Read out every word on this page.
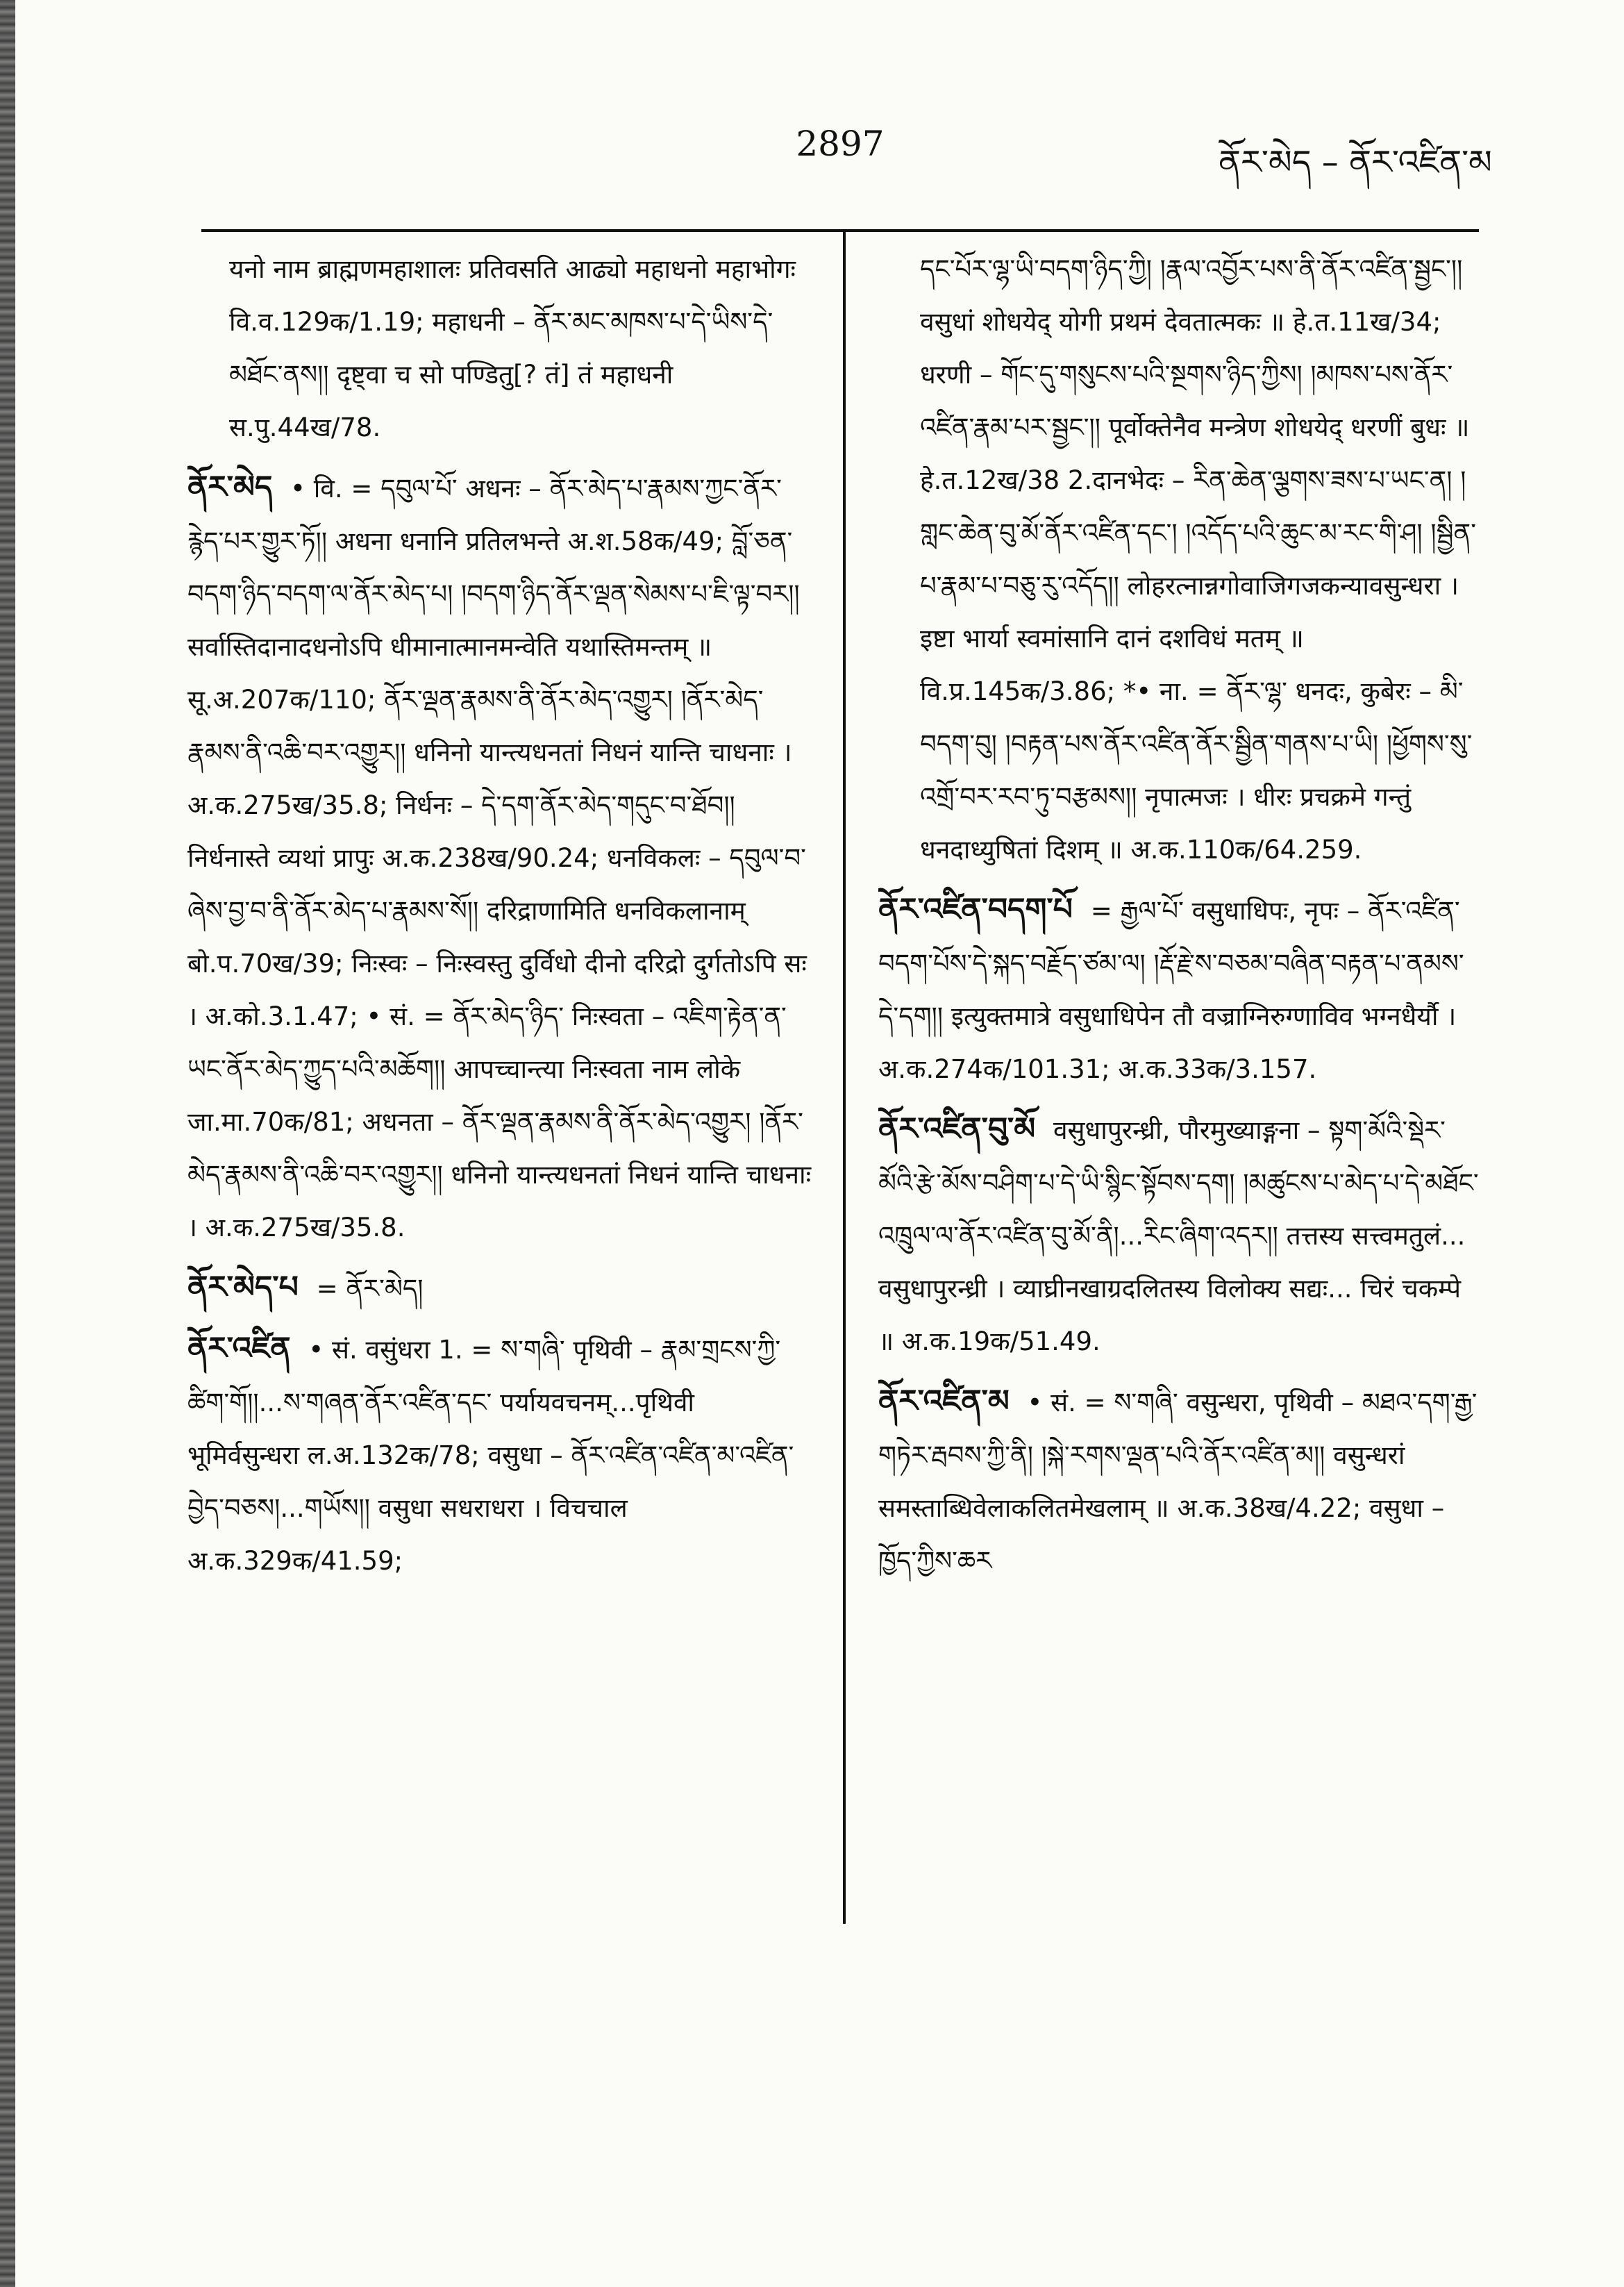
2897	ནོར་མེད – ནོར་འཛིན་མ
यनो नाम ब्राह्मणमहाशालः प्रतिवसति आढ्यो महाधनो महाभोगः वि.व.129क/1.19; महाधनी – ནོར་མང་མཁས་པ་དེ་ཡིས་དེ་མཐོང་ནས།། दृष्ट्वा च सो पण्डितु[? तं] तं महाधनी स.पु.44ख/78.
ནོར་མེད • वि. = དབུལ་པོ་ अधनः – ནོར་མེད་པ་རྣམས་ཀྱང་ནོར་རྙེད་པར་གྱུར་ཏོ།། अधना धनानि प्रतिलभन्ते अ.श.58क/49; བློ་ཅན་བདག་ཉིད་བདག་ལ་ནོར་མེད་པ། །བདག་ཉིད་ནོར་ལྡན་སེམས་པ་ཇི་ལྟ་བར།། सर्वास्तिदानादधनोऽपि धीमानात्मानमन्वेति यथास्तिमन्तम् ॥ सू.अ.207क/110; ནོར་ལྡན་རྣམས་ནི་ནོར་མེད་འགྱུར། །ནོར་མེད་རྣམས་ནི་འཆི་བར་འགྱུར།། धनिनो यान्त्यधनतां निधनं यान्ति चाधनाः । अ.क.275ख/35.8; निर्धनः – དེ་དག་ནོར་མེད་གདུང་བ་ཐོབ།། निर्धनास्ते व्यथां प्रापुः अ.क.238ख/90.24; धनविकलः – དབུལ་བ་ཞེས་བྱ་བ་ནི་ནོར་མེད་པ་རྣམས་སོ།། दरिद्राणामिति धनविकलानाम् बो.प.70ख/39; निःस्वः – निःस्वस्तु दुर्विधो दीनो दरिद्रो दुर्गतोऽपि सः । अ.को.3.1.47; • सं. = ནོར་མེད་ཉིད་ निःस्वता – འཇིག་རྟེན་ན་ཡང་ནོར་མེད་ཀྱུད་པའི་མཆོག།། आपच्चान्त्या निःस्वता नाम लोके जा.मा.70क/81; अधनता – ནོར་ལྡན་རྣམས་ནི་ནོར་མེད་འགྱུར། །ནོར་མེད་རྣམས་ནི་འཆི་བར་འགྱུར།། धनिनो यान्त्यधनतां निधनं यान्ति चाधनाः । अ.क.275ख/35.8.
ནོར་མེད་པ = ནོར་མེད།
ནོར་འཛིན • सं. वसुंधरा 1. = ས་གཞི་ पृथिवी – རྣམ་གྲངས་ཀྱི་ཚིག་གོ།།...ས་གཞན་ནོར་འཛིན་དང་ पर्यायवचनम्...पृथिवी भूमिर्वसुन्धरा ल.अ.132क/78; वसुधा – ནོར་འཛིན་འཛིན་མ་འཛིན་བྱེད་བཅས།...གཡོས།། वसुधा सधराधरा । विचचाल अ.क.329क/41.59;
དང་པོར་ལྷ་ཡི་བདག་ཉིད་ཀྱི། །རྣལ་འབྱོར་པས་ནི་ནོར་འཛིན་སྦྱང་།། वसुधां शोधयेद् योगी प्रथमं देवतात्मकः ॥ हे.त.11ख/34; धरणी – གོང་དུ་གསུངས་པའི་སྔགས་ཉིད་ཀྱིས། །མཁས་པས་ནོར་འཛིན་རྣམ་པར་སྦྱང་།། पूर्वोक्तेनैव मन्त्रेण शोधयेद् धरणीं बुधः ॥ हे.त.12ख/38 2.दानभेदः – རིན་ཆེན་ལྕགས་ཟས་པ་ཡང་ན། །གླང་ཆེན་བུ་མོ་ནོར་འཛིན་དང་། །འདོད་པའི་ཆུང་མ་རང་གི་ཤ། །སྦྱིན་པ་རྣམ་པ་བཅུ་རུ་འདོད།། लोहरत्नान्नगोवाजिगजकन्यावसुन्धरा । इष्टा भार्या स्वमांसानि दानं दशविधं मतम् ॥ वि.प्र.145क/3.86; *• ना. = ནོར་ལྷ་ धनदः, कुबेरः – མི་བདག་བུ། །བརྟན་པས་ནོར་འཛིན་ནོར་སྦྱིན་གནས་པ་ཡི། །ཕྱོགས་སུ་འགྲོ་བར་རབ་ཏུ་བརྩམས།། नृपात्मजः । धीरः प्रचक्रमे गन्तुं धनदाध्युषितां दिशम् ॥ अ.क.110क/64.259.
ནོར་འཛིན་བདག་པོ = རྒྱལ་པོ་ वसुधाधिपः, नृपः – ནོར་འཛིན་བདག་པོས་དེ་སྐད་བརྗོད་ཙམ་ལ། །རྡོ་རྗེ་ས་བཅམ་བཞིན་བརྟན་པ་ནམས་དེ་དག།། इत्युक्तमात्रे वसुधाधिपेन तौ वज्राग्निरुग्णाविव भग्नधैर्यौ । अ.क.274क/101.31; अ.क.33क/3.157.
ནོར་འཛིན་བུ་མོ वसुधापुरन्ध्री, पौरमुख्याङ्गना – སྟག་མོའི་སྡེར་མོའི་རྩེ་མོས་བཤིག་པ་དེ་ཡི་སྙིང་སྟོབས་དག། །མཚུངས་པ་མེད་པ་དེ་མཐོང་འཁྲུལ་ལ་ནོར་འཛིན་བུ་མོ་ནི།...རིང་ཞིག་འདར།། तत्तस्य सत्त्वमतुलं... वसुधापुरन्ध्री । व्याघ्रीनखाग्रदलितस्य विलोक्य सद्यः... चिरं चकम्पे ॥ अ.क.19क/51.49.
ནོར་འཛིན་མ • सं. = ས་གཞི་ वसुन्धरा, पृथिवी – མཐའ་དག་རྒྱ་གཏེར་རྦབས་ཀྱི་ནི། །སྐེ་རགས་ལྡན་པའི་ནོར་འཛིན་མ།། वसुन्धरां समस्ताब्धिवेलाकलितमेखलाम् ॥ अ.क.38ख/4.22; वसुधा – ཁྱོད་ཀྱིས་ཆར
